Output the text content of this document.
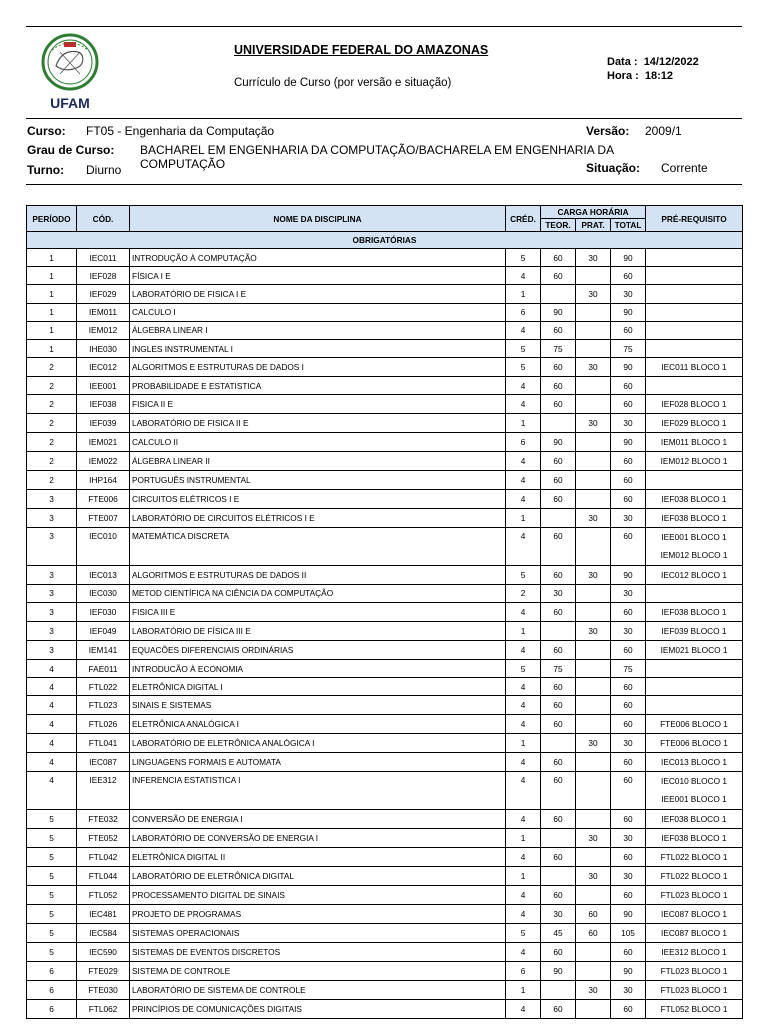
UFAM
UNIVERSIDADE FEDERAL DO AMAZONAS
Currículo de Curso (por versão e situação)
Data : 14/12/2022
Hora : 18:12
Curso: FT05 - Engenharia da Computação	Versão: 2009/1
Grau de Curso: BACHAREL EM ENGENHARIA DA COMPUTAÇÃO/BACHARELA EM ENGENHARIA DA
COMPUTAÇÃO
Turno: Diurno	Situação: Corrente
PERÍODO	CÓD.	NOME DA DISCIPLINA	CRÉD.	CARGA HORÁRIA			PRÉ-REQUISITO
				TEOR.	PRAT.	TOTAL	
OBRIGATÓRIAS							
1	IEC011	INTRODUÇÃO À COMPUTAÇÃO	5	60	30	90	
1	IEF028	FÍSICA I E	4	60		60	
1	IEF029	LABORATÓRIO DE FISICA I E	1		30	30	
1	IEM011	CALCULO I	6	90		90	
1	IEM012	ÁLGEBRA LINEAR I	4	60		60	
1	IHE030	INGLES INSTRUMENTAL I	5	75		75	
2	IEC012	ALGORITMOS E ESTRUTURAS DE DADOS I	5	60	30	90	IEC011 BLOCO 1

2	IEE001	PROBABILIDADE E ESTATISTICA	4	60		60	
2	IEF038	FISICA II E	4	60		60	IEF028 BLOCO 1

2	IEF039	LABORATÓRIO DE FISICA II E	1		30	30	IEF029 BLOCO 1

2	IEM021	CALCULO II	6	90		90	IEM011 BLOCO 1

2	IEM022	ÁLGEBRA LINEAR II	4	60		60	IEM012 BLOCO 1

2	IHP164	PORTUGUÊS INSTRUMENTAL	4	60		60	
3	FTE006	CIRCUITOS ELÉTRICOS I E	4	60		60	IEF038 BLOCO 1

3	FTE007	LABORATÓRIO DE CIRCUITOS ELÉTRICOS I E	1		30	30	IEF038 BLOCO 1

3	IEC010	MATEMÁTICA DISCRETA	4	60		60	IEE001 BLOCO 1
IEM012 BLOCO 1

3	IEC013	ALGORITMOS E ESTRUTURAS DE DADOS II	5	60	30	90	IEC012 BLOCO 1

3	IEC030	METOD CIENTÍFICA NA CIÊNCIA DA COMPUTAÇÃO	2	30		30	
3	IEF030	FISICA III E	4	60		60	IEF038 BLOCO 1

3	IEF049	LABORATÓRIO DE FÍSICA III E	1		30	30	IEF039 BLOCO 1

3	IEM141	EQUACÕES DIFERENCIAIS ORDINÁRIAS	4	60		60	IEM021 BLOCO 1

4	FAE011	INTRODUCÃO À ECONOMIA	5	75		75	
4	FTL022	ELETRÔNICA DIGITAL I	4	60		60	
4	FTL023	SINAIS E SISTEMAS	4	60		60	
4	FTL026	ELETRÔNICA ANALÓGICA I	4	60		60	FTE006 BLOCO 1

4	FTL041	LABORATÓRIO DE ELETRÔNICA ANALÓGICA I	1		30	30	FTE006 BLOCO 1

4	IEC087	LINGUAGENS FORMAIS E AUTOMATA	4	60		60	IEC013 BLOCO 1

4	IEE312	INFERENCIA ESTATISTICA I	4	60		60	IEC010 BLOCO 1
IEE001 BLOCO 1

5	FTE032	CONVERSÃO DE ENERGIA I	4	60		60	IEF038 BLOCO 1

5	FTE052	LABORATÓRIO DE CONVERSÃO DE ENERGIA I	1		30	30	IEF038 BLOCO 1

5	FTL042	ELETRÔNICA DIGITAL II	4	60		60	FTL022 BLOCO 1

5	FTL044	LABORATÓRIO DE ELETRÔNICA DIGITAL	1		30	30	FTL022 BLOCO 1

5	FTL052	PROCESSAMENTO DIGITAL DE SINAIS	4	60		60	FTL023 BLOCO 1

5	IEC481	PROJETO DE PROGRAMAS	4	30	60	90	IEC087 BLOCO 1

5	IEC584	SISTEMAS OPERACIONAIS	5	45	60	105	IEC087 BLOCO 1

5	IEC590	SISTEMAS DE EVENTOS DISCRETOS	4	60		60	IEE312 BLOCO 1

6	FTE029	SISTEMA DE CONTROLE	6	90		90	FTL023 BLOCO 1

6	FTE030	LABORATÓRIO DE SISTEMA DE CONTROLE	1		30	30	FTL023 BLOCO 1

6	FTL062	PRINCÍPIOS DE COMUNICAÇÕES DIGITAIS	4	60		60	FTL052 BLOCO 1
